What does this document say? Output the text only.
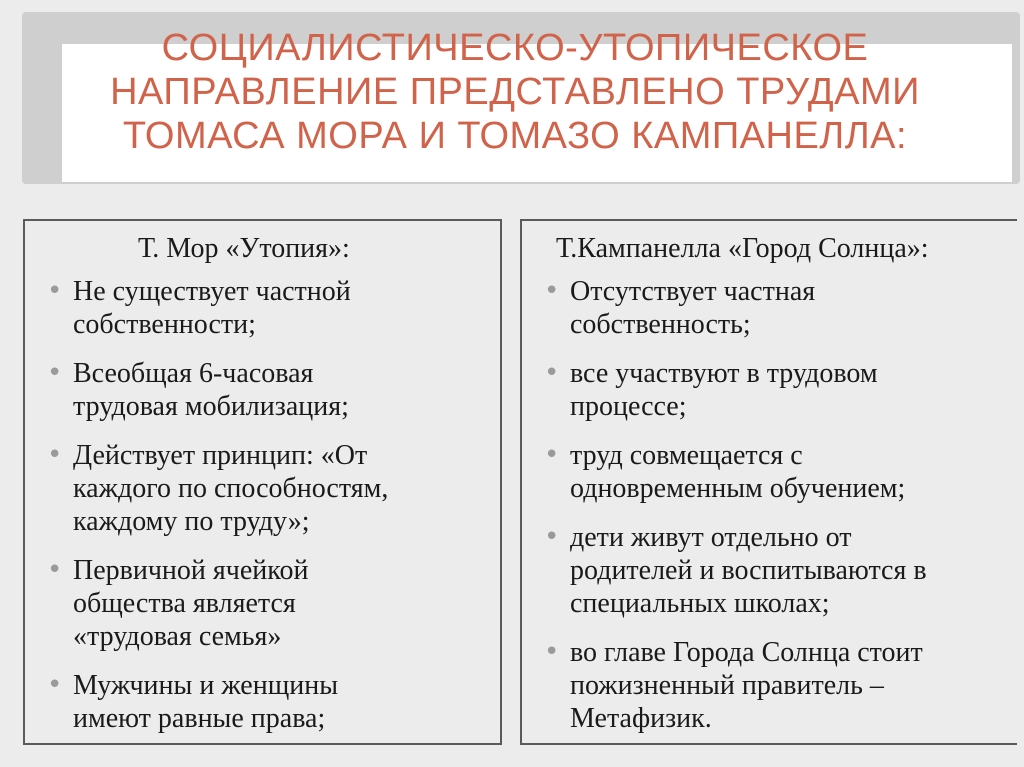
СОЦИАЛИСТИЧЕСКО-УТОПИЧЕСКОЕ
НАПРАВЛЕНИЕ ПРЕДСТАВЛЕНО ТРУДАМИ
ТОМАСА МОРА И ТОМАЗО КАМПАНЕЛЛА:
Т. Мор «Утопия»:
• Не существует частной
собственности;
• Всеобщая 6-часовая
трудовая мобилизация;
• Действует принцип: «От
каждого по способностям,
каждому по труду»;
• Первичной ячейкой
общества является
«трудовая семья»
• Мужчины и женщины
имеют равные права;
Т.Кампанелла «Город Солнца»:
• Отсутствует частная
собственность;
• все участвуют в трудовом
процессе;
• труд совмещается с
одновременным обучением;
• дети живут отдельно от
родителей и воспитываются в
специальных школах;
• во главе Города Солнца стоит
пожизненный правитель –
Метафизик.
